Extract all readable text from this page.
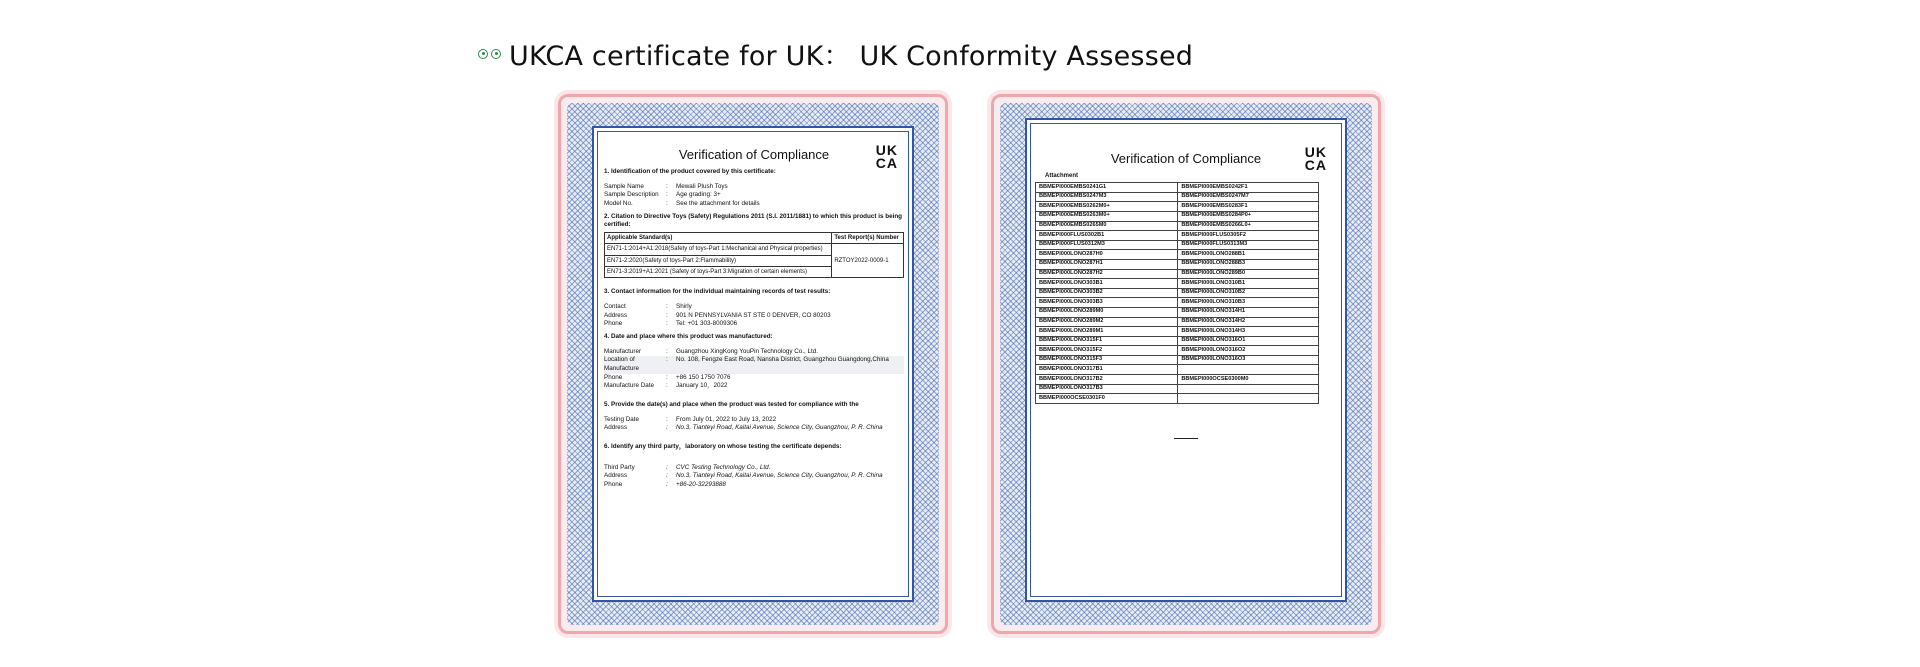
UKCA certificate for UK： UK Conformity Assessed
UK
CA
Verification of Compliance
1. Identification of the product covered by this certificate:
Sample Name	:	Mewali Plush Toys
Sample Description	:	Age grading: 3+
Model No.	:	See the attachment for details
2. Citation to Directive Toys (Safety) Regulations 2011 (S.I. 2011/1881) to which this product is being certified:
Applicable Standard(s)	Test Report(s) Number
EN71-1:2014+A1:2018(Safety of toys-Part 1:Mechanical and Physical properties)	RZTOY2022-0009-1
EN71-2:2020(Safety of toys-Part 2:Flammability)	
EN71-3:2019+A1:2021 (Safety of toys-Part 3:Migration of certain elements)	
3. Contact information for the individual maintaining records of test results:
Contact	:	Shirly
Address	:	901 N PENNSYLVANIA ST STE 0 DENVER, CO 80203
Phone	:	Tel: +01 303-8009306
4. Date and place where this product was manufactured:
Manufacturer	:	Guangzhou XingKong YouPin Technology Co., Ltd.
Location of Manufacture
:	No. 108, Fengze East Road, Nansha District, Guangzhou Guangdong,China
Phone	:	+86 150 1750 7076
Manufacture Date	:	January 10，2022
5. Provide the date(s) and place when the product was tested for compliance with the
Testing Date	:	From July 01, 2022 to July 13, 2022
Address	:	No.3, Tianteyi Road, Kaitai Avenue, Science City, Guangzhou, P. R. China
6. Identify any third party，laboratory on whose testing the certificate depends:
Third Party	:	CVC Testing Technology Co., Ltd.
Address	:	No.3, Tianteyi Road, Kaitai Avenue, Science City, Guangzhou, P. R. China
Phone	:	+86-20-32293888
UK
CA
Verification of Compliance
Attachment
BBMEPI000EMBS0241G1	BBMEPI000EMBS0242F1
BBMEPI000EMBS0247M3	BBMEPI000EMBS0247M7
BBMEPI000EMBS0262M0+	BBMEPI000EMBS0283F1
BBMEPI000EMBS0263M0+	BBMEPI000EMBS0284P0+
BBMEPI000EMBS0265M0	BBMEPI000EMBS0266L0+
BBMEPI000FLUS0302B1	BBMEPI000FLUS0305F2
BBMEPI000FLUS0312M3	BBMEPI000FLUS0313M3
BBMEPI000LONO287H0	BBMEPI000LONO288B1
BBMEPI000LONO287H1	BBMEPI000LONO288B3
BBMEPI000LONO287H2	BBMEPI000LONO289B0
BBMEPI000LONO303B1	BBMEPI000LONO310B1
BBMEPI000LONO303B2	BBMEPI000LONO310B2
BBMEPI000LONO303B3	BBMEPI000LONO310B3
BBMEPI000LONO289M0	BBMEPI000LONO314H1
BBMEPI000LONO289M2	BBMEPI000LONO314H2
BBMEPI000LONO289M1	BBMEPI000LONO314H3
BBMEPI000LONO315F1	BBMEPI000LONO316O1
BBMEPI000LONO315F2	BBMEPI000LONO316O2
BBMEPI000LONO315F3	BBMEPI000LONO316O3
BBMEPI000LONO317B1	
BBMEPI000LONO317B2	BBMEPI000OCSE0300M0
BBMEPI000LONO317B3	
BBMEPI000OCSE0301F0	
